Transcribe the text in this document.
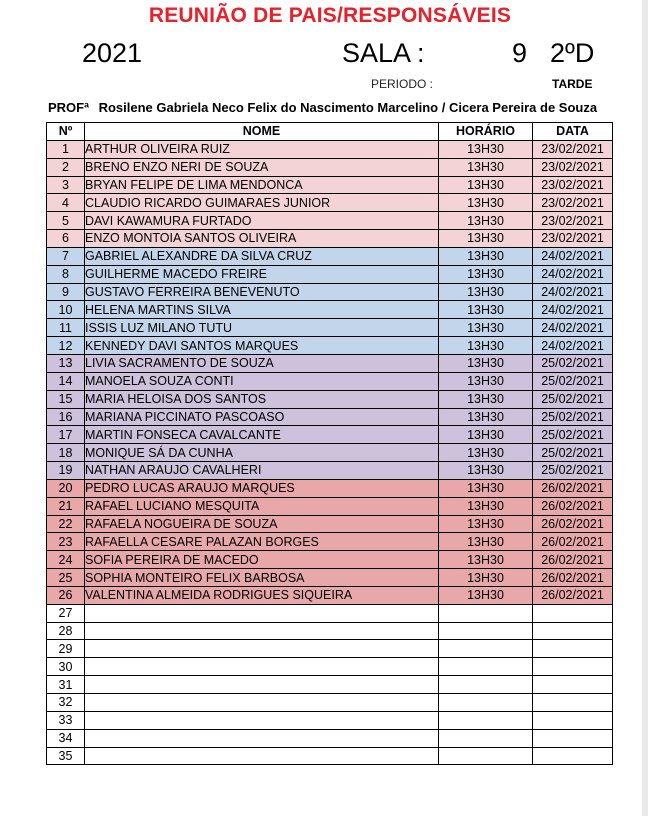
REUNIÃO DE PAIS/RESPONSÁVEIS
2021	SALA :	9 2ºD
PERIODO :	TARDE
PROFª Rosilene Gabriela Neco Felix do Nascimento Marcelino / Cicera Pereira de Souza
Nº	NOME	HORÁRIO	DATA
1	ARTHUR OLIVEIRA RUIZ	13H30	23/02/2021
2	BRENO ENZO NERI DE SOUZA	13H30	23/02/2021
3	BRYAN FELIPE DE LIMA MENDONCA	13H30	23/02/2021
4	CLAUDIO RICARDO GUIMARAES JUNIOR	13H30	23/02/2021
5	DAVI KAWAMURA FURTADO	13H30	23/02/2021
6	ENZO MONTOIA SANTOS OLIVEIRA	13H30	23/02/2021
7	GABRIEL ALEXANDRE DA SILVA CRUZ	13H30	24/02/2021
8	GUILHERME MACEDO FREIRE	13H30	24/02/2021
9	GUSTAVO FERREIRA BENEVENUTO	13H30	24/02/2021
10	HELENA MARTINS SILVA	13H30	24/02/2021
11	ISSIS LUZ MILANO TUTU	13H30	24/02/2021
12	KENNEDY DAVI SANTOS MARQUES	13H30	24/02/2021
13	LIVIA SACRAMENTO DE SOUZA	13H30	25/02/2021
14	MANOELA SOUZA CONTI	13H30	25/02/2021
15	MARIA HELOISA DOS SANTOS	13H30	25/02/2021
16	MARIANA PICCINATO PASCOASO	13H30	25/02/2021
17	MARTIN FONSECA CAVALCANTE	13H30	25/02/2021
18	MONIQUE SÁ DA CUNHA	13H30	25/02/2021
19	NATHAN ARAUJO CAVALHERI	13H30	25/02/2021
20	PEDRO LUCAS ARAUJO MARQUES	13H30	26/02/2021
21	RAFAEL LUCIANO MESQUITA	13H30	26/02/2021
22	RAFAELA NOGUEIRA DE SOUZA	13H30	26/02/2021
23	RAFAELLA CESARE PALAZAN BORGES	13H30	26/02/2021
24	SOFIA PEREIRA DE MACEDO	13H30	26/02/2021
25	SOPHIA MONTEIRO FELIX BARBOSA	13H30	26/02/2021
26	VALENTINA ALMEIDA RODRIGUES SIQUEIRA	13H30	26/02/2021
27			
28			
29			
30			
31			
32			
33			
34			
35			
